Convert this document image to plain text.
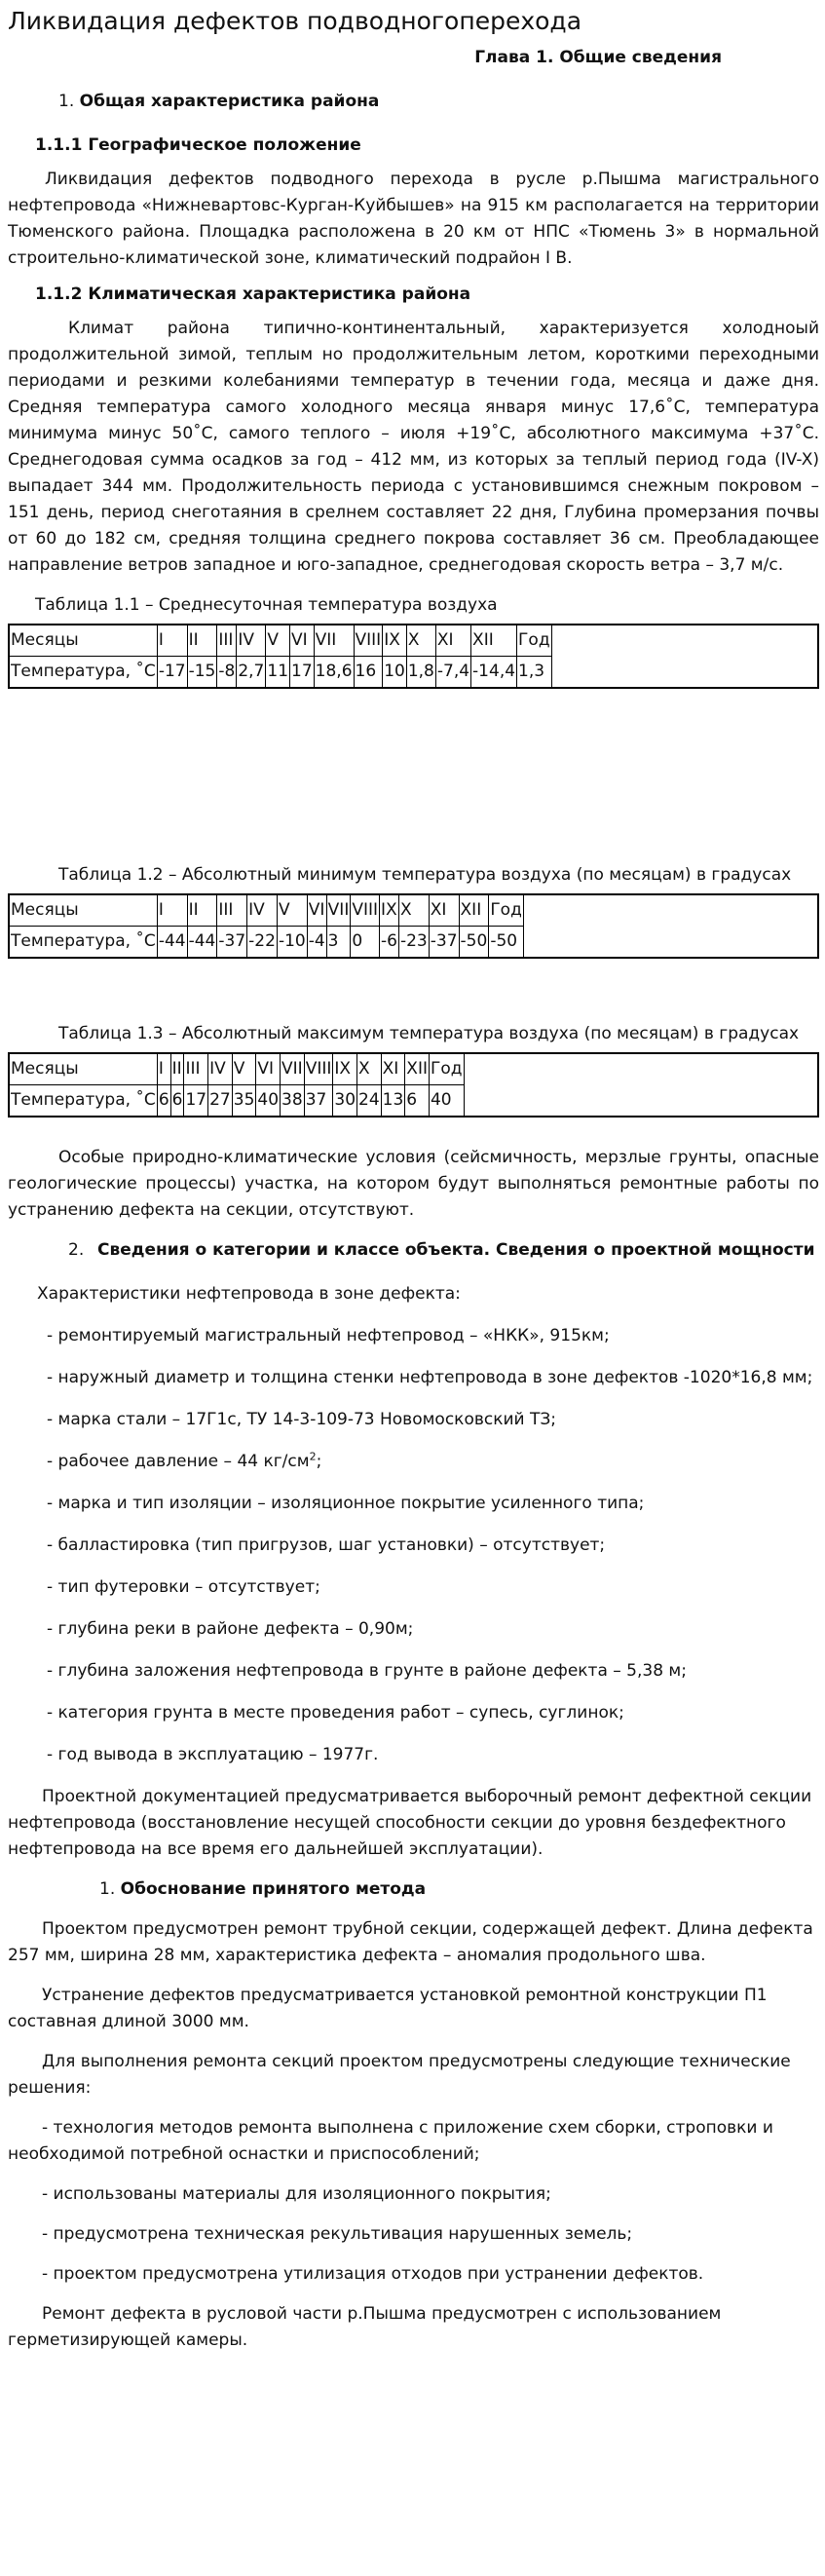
Ликвидация дефектов подводногоперехода
Глава 1. Общие сведения
1. Общая характеристика района
1.1.1 Географическое положение

Ликвидация дефектов подводного перехода в русле р.Пышма магистрального нефтепровода «Нижневартовс-Курган-Куйбышев» на 915 км располагается на территории Тюменского района. Площадка расположена в 20 км от НПС «Тюмень 3» в нормальной строительно-климатической зоне, климатический подрайон I В.

1.1.2 Климатическая характеристика района

Климат района типично-континентальный, характеризуется холодноый продолжительной зимой, теплым но продолжительным летом, короткими переходными периодами и резкими колебаниями температур в течении года, месяца и даже дня. Средняя температура самого холодного месяца января минус 17,6˚С, температура минимума минус 50˚С, самого теплого – июля +19˚С, абсолютного максимума +37˚С. Среднегодовая сумма осадков за год – 412 мм, из которых за теплый период года (IV-X) выпадает 344 мм. Продолжительность периода с установившимся снежным покровом – 151 день, период снеготаяния в срелнем составляет 22 дня, Глубина промерзания почвы от 60 до 182 см, средняя толщина среднего покрова составляет 36 см. Преобладающее направление ветров западное и юго-западное, среднегодовая скорость ветра – 3,7 м/с.

Таблица 1.1 – Среднесуточная температура воздуха
Месяцы	I	II	III	IV	V	VI	VII	VIII	IX	X	XI	XII	Год	
Температура, ˚С	-17	-15	-8	2,7	11	17	18,6	16	10	1,8	-7,4	-14,4	1,3	
Таблица 1.2 – Абсолютный минимум температура воздуха (по месяцам) в градусах
Месяцы	I	II	III	IV	V	VI	VII	VIII	IX	X	XI	XII	Год	
Температура, ˚С	-44	-44	-37	-22	-10	-4	3	0	-6	-23	-37	-50	-50	
Таблица 1.3 – Абсолютный максимум температура воздуха (по месяцам) в градусах
Месяцы	I	II	III	IV	V	VI	VII	VIII	IX	X	XI	XII	Год	
Температура, ˚С	6	6	17	27	35	40	38	37	30	24	13	6	40	

Особые природно-климатические условия (сейсмичность, мерзлые грунты, опасные геологические процессы) участка, на котором будут выполняться ремонтные работы по устранению дефекта на секции, отсутствуют.

2. Сведения о категории и классе объекта. Сведения о проектной мощности
Характеристики нефтепровода в зоне дефекта:
- ремонтируемый магистральный нефтепровод – «НКК», 915км;
- наружный диаметр и толщина стенки нефтепровода в зоне дефектов -1020*16,8 мм;
- марка стали – 17Г1с, ТУ 14-3-109-73 Новомосковский ТЗ;
- рабочее давление – 44 $кг/см^2$;
- марка и тип изоляции – изоляционное покрытие усиленного типа;
- балластировка (тип пригрузов, шаг установки) – отсутствует;
- тип футеровки – отсутствует;
- глубина реки в районе дефекта – 0,90м;
- глубина заложения нефтепровода в грунте в районе дефекта – 5,38 м;
- категория грунта в месте проведения работ – супесь, суглинок;
- год вывода в эксплуатацию – 1977г.

Проектной документацией предусматривается выборочный ремонт дефектной секции нефтепровода (восстановление несущей способности секции до уровня бездефектного нефтепровода на все время его дальнейшей эксплуатации).

1. Обоснование принятого метода

Проектом предусмотрен ремонт трубной секции, содержащей дефект. Длина дефекта 257 мм, ширина 28 мм, характеристика дефекта – аномалия продольного шва.

Устранение дефектов предусматривается установкой ремонтной конструкции П1 составная длиной 3000 мм.

Для выполнения ремонта секций проектом предусмотрены следующие технические решения:

- технология методов ремонта выполнена с приложение схем сборки, строповки и необходимой потребной оснастки и приспособлений;

- использованы материалы для изоляционного покрытия;

- предусмотрена техническая рекультивация нарушенных земель;

- проектом предусмотрена утилизация отходов при устранении дефектов.

Ремонт дефекта в русловой части р.Пышма предусмотрен с использованием герметизирующей камеры.
